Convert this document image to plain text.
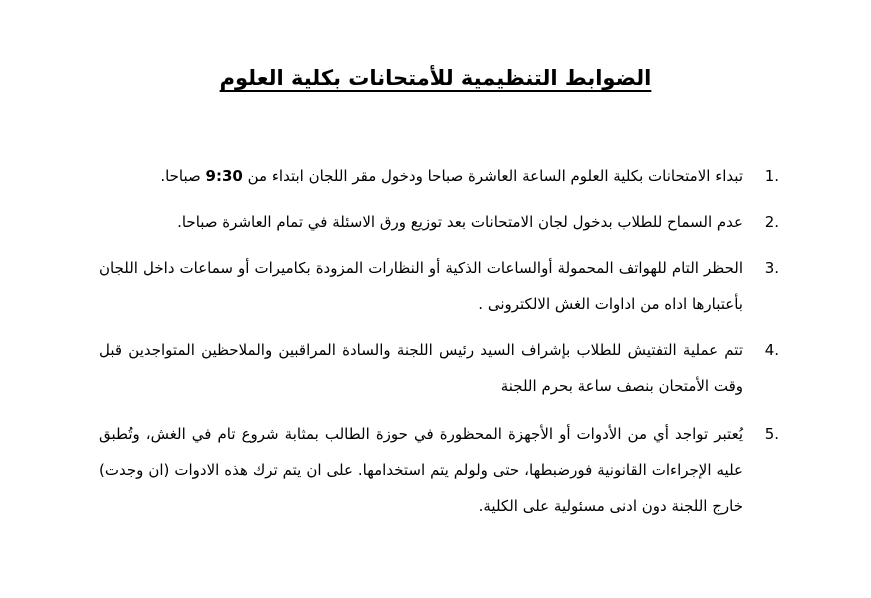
الضوابط التنظيمية للأمتحانات بكلية العلوم
1.
تبداء الامتحانات بكلية العلوم الساعة العاشرة صباحا ودخول مقر اللجان ابتداء من 9:30 صباحا.
2.
عدم السماح للطلاب بدخول لجان الامتحانات بعد توزيع ورق الاسئلة في تمام العاشرة صباحا.
3.
الحظر التام للهواتف المحمولة أوالساعات الذكية أو النظارات المزودة بكاميرات أو سماعات داخل اللجان بأعتبارها اداه من اداوات الغش الالكترونى .
4.
تتم عملية التفتيش للطلاب بإشراف السيد رئيس اللجنة والسادة المراقبين والملاحظين المتواجدين قبل وقت الأمتحان بنصف ساعة بحرم اللجنة
5.
يُعتبر تواجد أي من الأدوات أو الأجهزة المحظورة في حوزة الطالب بمثابة شروع تام في الغش، وتُطبق عليه الإجراءات القانونية فورضبطها، حتى ولولم يتم استخدامها. على ان يتم ترك هذه الادوات (ان وجدت) خارج اللجنة دون ادنى مسئولية على الكلية.
